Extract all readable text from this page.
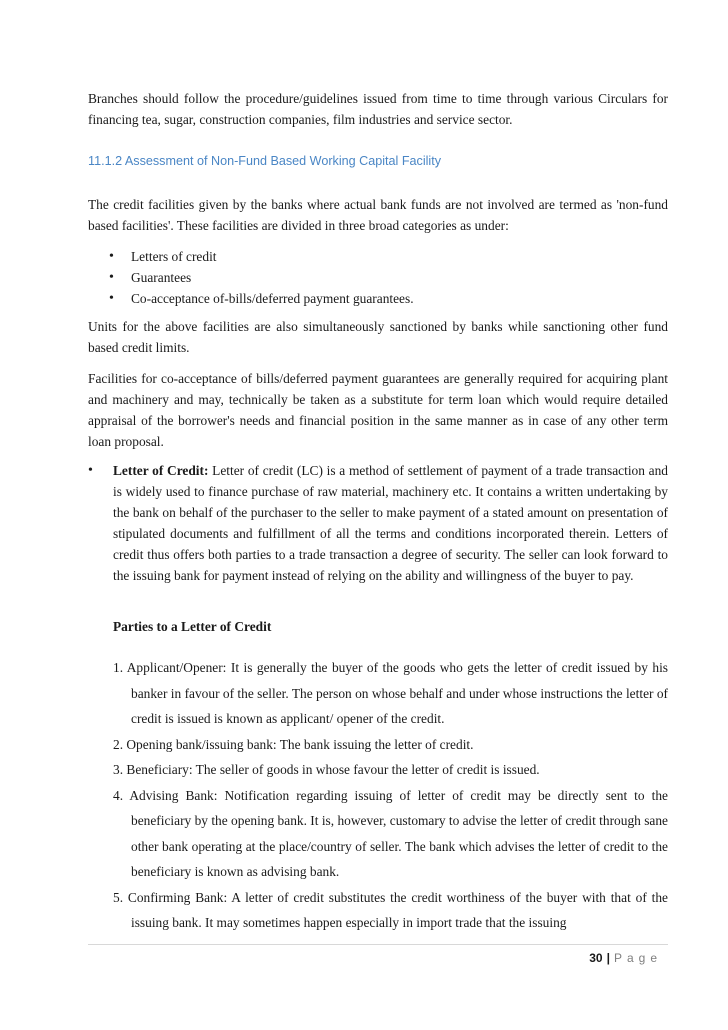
Branches should follow the procedure/guidelines issued from time to time through various Circulars for financing tea, sugar, construction companies, film industries and service sector.

11.1.2 Assessment of Non-Fund Based Working Capital Facility

The credit facilities given by the banks where actual bank funds are not involved are termed as 'non-fund based facilities'. These facilities are divided in three broad categories as under:

• Letters of credit
• Guarantees
• Co-acceptance of-bills/deferred payment guarantees.

Units for the above facilities are also simultaneously sanctioned by banks while sanctioning other fund based credit limits.

Facilities for co-acceptance of bills/deferred payment guarantees are generally required for acquiring plant and machinery and may, technically be taken as a substitute for term loan which would require detailed appraisal of the borrower's needs and financial position in the same manner as in case of any other term loan proposal.

• Letter of Credit: Letter of credit (LC) is a method of settlement of payment of a trade transaction and is widely used to finance purchase of raw material, machinery etc. It contains a written undertaking by the bank on behalf of the purchaser to the seller to make payment of a stated amount on presentation of stipulated documents and fulfillment of all the terms and conditions incorporated therein. Letters of credit thus offers both parties to a trade transaction a degree of security. The seller can look forward to the issuing bank for payment instead of relying on the ability and willingness of the buyer to pay.

Parties to a Letter of Credit

1. Applicant/Opener: It is generally the buyer of the goods who gets the letter of credit issued by his banker in favour of the seller. The person on whose behalf and under whose instructions the letter of credit is issued is known as applicant/ opener of the credit.

2. Opening bank/issuing bank: The bank issuing the letter of credit.

3. Beneficiary: The seller of goods in whose favour the letter of credit is issued.

4. Advising Bank: Notification regarding issuing of letter of credit may be directly sent to the beneficiary by the opening bank. It is, however, customary to advise the letter of credit through sane other bank operating at the place/country of seller. The bank which advises the letter of credit to the beneficiary is known as advising bank.

5. Confirming Bank: A letter of credit substitutes the credit worthiness of the buyer with that of the issuing bank. It may sometimes happen especially in import trade that the issuing

30 | Page
